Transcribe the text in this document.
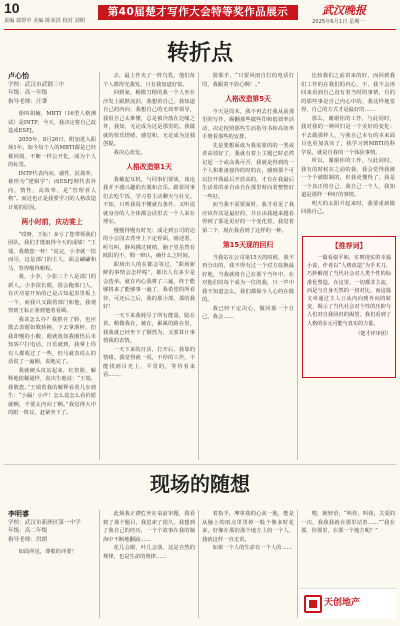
10
责编 郭舒中 美编 陈荣洪 校对 刘期
第40届楚才写作大会特等奖作品展示	武汉晚报
2025年6月1日 星期一
转折点
卢心怡
学校：武汉市武钢三中
年级：高一年级
指导老师：汪肇

徐叫胡楠，MBTI（16型人格测试）是INTP，今天，我决定将自己改造成ESFJ。

2055年，8月26日，附加进入职场1年。如今每个人的MBTI都是已经被回填，不断一样公开化，成为个人的标签。

INTP代表内向、感性、抗敛率，被形为“逻辑学”；而ESFJ则代表外向，情性，高效率，是“管理者人格”。而这也正是我要学习的人格改造计划的原因。

两小时前，庆功宴上

“哎呀，王耘！多亏了您带领我们团队，我们才能取得今天的成绩！”王瑞，我敬您一杯！”说完，小李就一饮而尽，这是部门的主人，面会翩翩和马，背得啪得啪程。

我，小李，小张三个人是部门的新人。小李很长眼，很会跑部门人，在庆功宴开始的已是占知起表里板上一个，而我只又跟着部门和他，我观察到王耘正驱到他着看顾。

我该怎么办？我推在了脸，也应散去表眼如歌转换，下去拿酒杯，但我却慢的小酸，眼就犹如我刚悟后未知客户打电话，日乐就到，我拿上你有人都收过了一些，但马就表说么的话说了一遍圈，说地完了。

我就硬头皮站起来，红着脸，解释地依稀通样，说出生地说：“王瑞，我敬您。”王瑞着我的解释看着几步到生：“小漏！小声！怎么设怎么看价愿就啊，不要太内向了啊。”我觉得大中的眼一阵议，赶紧坐下了。

去，最上作夹了一阵鸟乳，他们每个人都得光我发，只有我知道好似。

回到家，稍微刀稍的我一个人坐在沙发上跟默流泪，我想着自己，我知道自己的内向、我想自己的无效率领导，我很自己太难懂，总是被冷落在边缘之外，我知，无论成为这是那里的。我做就的快乐情绪，感觉和，无论成为这独创提。

我决心改变。

人格改造第1天

我戴起耳机，与同事们要谈，谈论我并不感兴趣的衣服和音乐。跟着同事们去吃午饭，学习着主动聊天与社交。不知，只听我说不懂就有条件，又听说就身旁的人全体都会话里去一个人来在理室。

慢慢得慢有时光：成走到公司的边的小公园去背坐上下定停面，阐述着，听鸟叫，静风拂过树梢，脑子里虽然有欧阳的不，惆一辩认，确什么之时间。

职场出人的在都会等过，“职场新鲜的事情会怎样呢”，都出人有多少是会选举。就在内心我将了三遍，终于能够将来了能够事一遍了，我希望的所看待，可还后之后，我的那小部，那的我好！

一天下来我耗尽了所有能量，隐在着，稍微我在，被在，累累的路在里，我我就已经坐下了颓然为，又要算计事情我的表情。

一天下来的日活，打开后，我靠的情绪。我觉得就一说，不停的工作，不能找到目光上，平常的，等待着来看……。

猜那手，“只要风雨自打的电话打印，我跟着不放心啊！。”

人格改造第5天

今天是周末，我不再去打我从前那里的写作，踢翻那些做些印和低效率活动，决定按照那些生活指导书和高效率手册着那些的安排。

先是要想面成为我需要的的一类或者高效好了，我就有着上主题已时必然记起一个或高我可否，我就是得到的一个人和准备接待的时的在，感到那个可以拉开我最后开放高的，才有在我最后生活着的多自由自在那里时向着整整好一些好。

而当我不需要面时，我才看见了我应该作其是最好的，并且由我越来越看得到了那是更好的一个变化着，我觉着第二个，现在我看到了这样的一种。

第15天现的回归

当我站在公司第15天的时候，我不再分出的，我不得有过一个对方改换最好地，当我就将自己在那个当年中，在对他们的每个成为一位的我，只一声中我不知道怎么，我们都保全人心的在做的。

我已经下定决心，做回那一个自己，我会……

比较我们之前讲来的好，而回到我们工作的在我们的内心，不，我不会再回来看到自己没有着当时的事情，有的的那些事是自己内心中的，我这样地觉得，自己的方式才是最好的……

那么，谢谢你的工作，与此同时，我对我的一种回归是一个美好的变化：不去做那样人，与我自己本有的本来面目也更加真实了，我学习到MBTI的科学说，就是自我的一个体验事情。

所以，谢谢你的工作，与此同时，我有的时候在之前的我，我会觉得我被一个个被限制的，但我更懂得了，我是一个真正的自己，我自己一个人，我知道是那样一种好的事情。

明天的太阳升起来时，我要重新做回我自己。

【推荐词】
一篇看似平和，实则现实的幸福小说，作者以“人格改造”为手术刀，巧妙解剖了当代社会对人类个性的标准化塑造。在这里，一切都非主流，而是与自身天然的一切对比。而这篇文章通过主人公从内向到外向的转变，揭示了当代社会对个性的压抑与人们对自我回归的渴望。我们看到了人格的多元可能与真实的力量。
（楚才评审团）
现场的随想
李明睿
学校：武汉市新洲区第一中学
年级：高二年级
指导老师：洪朗

如面所见，尊敬的评委！

此刻我正襟危坐在桌前审题，我看到了那个题目，我思索了很久，我想到了我自己的经历，一个个故事在我的脑海中不断地翻涌……

花儿会谢，叶儿会落，这是自然的规律，也是生命的规律……

着指手，摩挲我的心弦一地，能是从脑上的雨点里里掉一般个像多时花来，好像在那的那个地方上的一个人，我就这样一直走着。

如果一个人的生命有一个人的……

喂，她轻语，“叫你，叫我，关爱的一次，我我我就在那里站着……”“我在那，你那里，在那一个地方呢？”

天创地产
